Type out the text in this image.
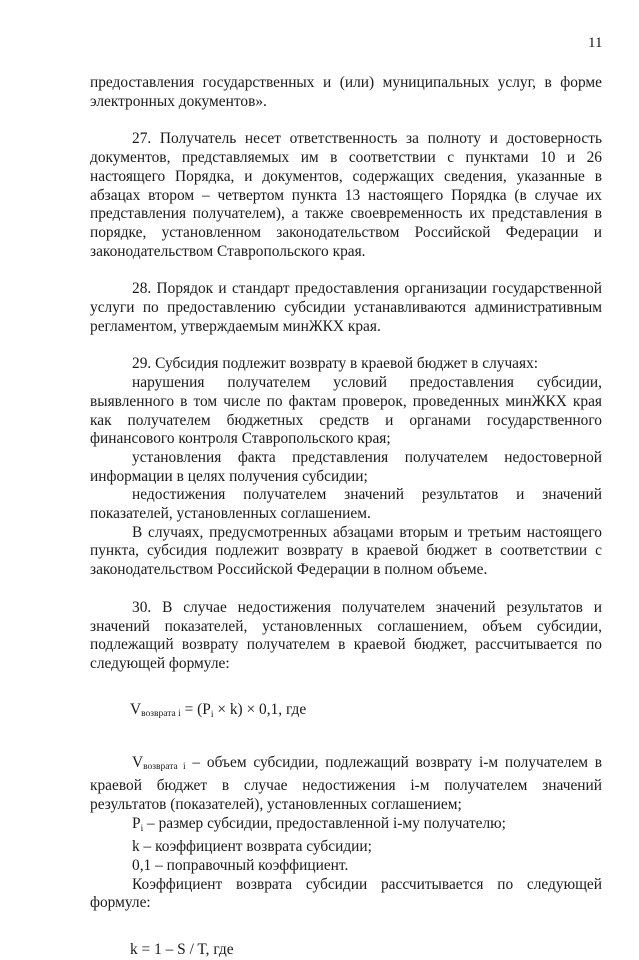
11

предоставления государственных и (или) муниципальных услуг, в форме электронных документов».

27. Получатель несет ответственность за полноту и достоверность документов, представляемых им в соответствии с пунктами 10 и 26 настоящего Порядка, и документов, содержащих сведения, указанные в абзацах втором – четвертом пункта 13 настоящего Порядка (в случае их представления получателем), а также своевременность их представления в порядке, установленном законодательством Российской Федерации и законодательством Ставропольского края.

28. Порядок и стандарт предоставления организации государственной услуги по предоставлению субсидии устанавливаются административным регламентом, утверждаемым минЖКХ края.

29. Субсидия подлежит возврату в краевой бюджет в случаях:

нарушения получателем условий предоставления субсидии, выявленного в том числе по фактам проверок, проведенных минЖКХ края как получателем бюджетных средств и органами государственного финансового контроля Ставропольского края;

установления факта представления получателем недостоверной информации в целях получения субсидии;

недостижения получателем значений результатов и значений показателей, установленных соглашением.

В случаях, предусмотренных абзацами вторым и третьим настоящего пункта, субсидия подлежит возврату в краевой бюджет в соответствии с законодательством Российской Федерации в полном объеме.

30. В случае недостижения получателем значений результатов и значений показателей, установленных соглашением, объем субсидии, подлежащий возврату получателем в краевой бюджет, рассчитывается по следующей формуле:

$V_{возврата i} = (Pi \times k) \times 0,1$, где

$V_{возврата i}$ – объем субсидии, подлежащий возврату i-м получателем в краевой бюджет в случае недостижения i-м получателем значений результатов (показателей), установленных соглашением;

Pi – размер субсидии, предоставленной i-му получателю;

k – коэффициент возврата субсидии;

0,1 – поправочный коэффициент.

Коэффициент возврата субсидии рассчитывается по следующей формуле:

k = 1 – S / T, где
